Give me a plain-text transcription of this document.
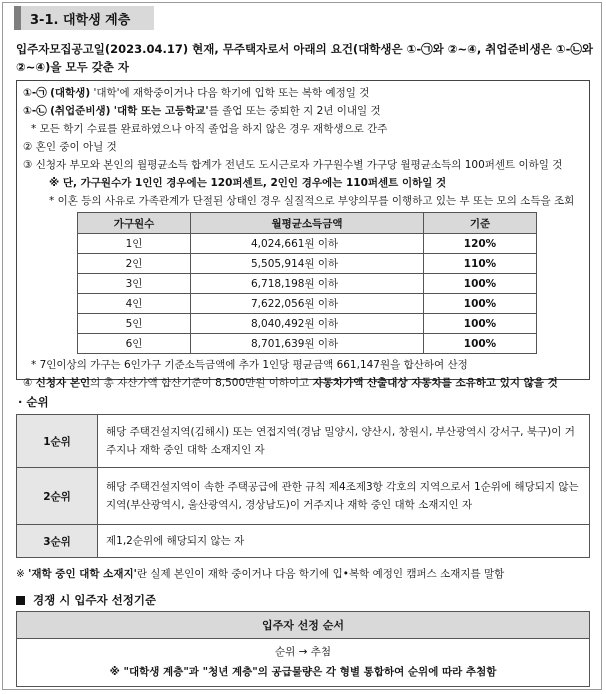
3-1. 대학생 계층
입주자모집공고일(2023.04.17) 현재, 무주택자로서 아래의 요건(대학생은 ①-㉠와 ②~④, 취업준비생은 ①-㉡와
②~④)을 모두 갖춘 자
①-㉠ (대학생) '대학'에 재학중이거나 다음 학기에 입학 또는 복학 예정일 것
①-㉡ (취업준비생) '대학 또는 고등학교'를 졸업 또는 중퇴한 지 2년 이내일 것
* 모든 학기 수료를 완료하였으나 아직 졸업을 하지 않은 경우 재학생으로 간주
② 혼인 중이 아닐 것
③ 신청자 부모와 본인의 월평균소득 합계가 전년도 도시근로자 가구원수별 가구당 월평균소득의 100퍼센트 이하일 것
※ 단, 가구원수가 1인인 경우에는 120퍼센트, 2인인 경우에는 110퍼센트 이하일 것
* 이혼 등의 사유로 가족관계가 단절된 상태인 경우 실질적으로 부양의무를 이행하고 있는 부 또는 모의 소득을 조회
가구원수	월평균소득금액	기준
1인	4,024,661원 이하	120%
2인	5,505,914원 이하	110%
3인	6,718,198원 이하	100%
4인	7,622,056원 이하	100%
5인	8,040,492원 이하	100%
6인	8,701,639원 이하	100%
* 7인이상의 가구는 6인가구 기준소득금액에 추가 1인당 평균금액 661,147원을 합산하여 산정
④ 신청자 본인의 총 자산가액 합산기준이 8,500만원 이하이고 자동차가액 산출대상 자동차를 소유하고 있지 않을 것
· 순위
1순위	해당 주택건설지역(김해시) 또는 연접지역(경남 밀양시, 양산시, 창원시, 부산광역시 강서구, 북구)이 거주지나 재학 중인 대학 소재지인 자
2순위	해당 주택건설지역이 속한 주택공급에 관한 규칙 제4조제3항 각호의 지역으로서 1순위에 해당되지 않는 지역(부산광역시, 울산광역시, 경상남도)이 거주지나 재학 중인 대학 소재지인 자
3순위	제1,2순위에 해당되지 않는 자
※ '재학 중인 대학 소재지'란 실제 본인이 재학 중이거나 다음 학기에 입•복학 예정인 캠퍼스 소재지를 말함
경쟁 시 입주자 선정기준
입주자 선정 순서

순위 → 추첨
※ "대학생 계층"과 "청년 계층"의 공급물량은 각 형별 통합하여 순위에 따라 추첨함
